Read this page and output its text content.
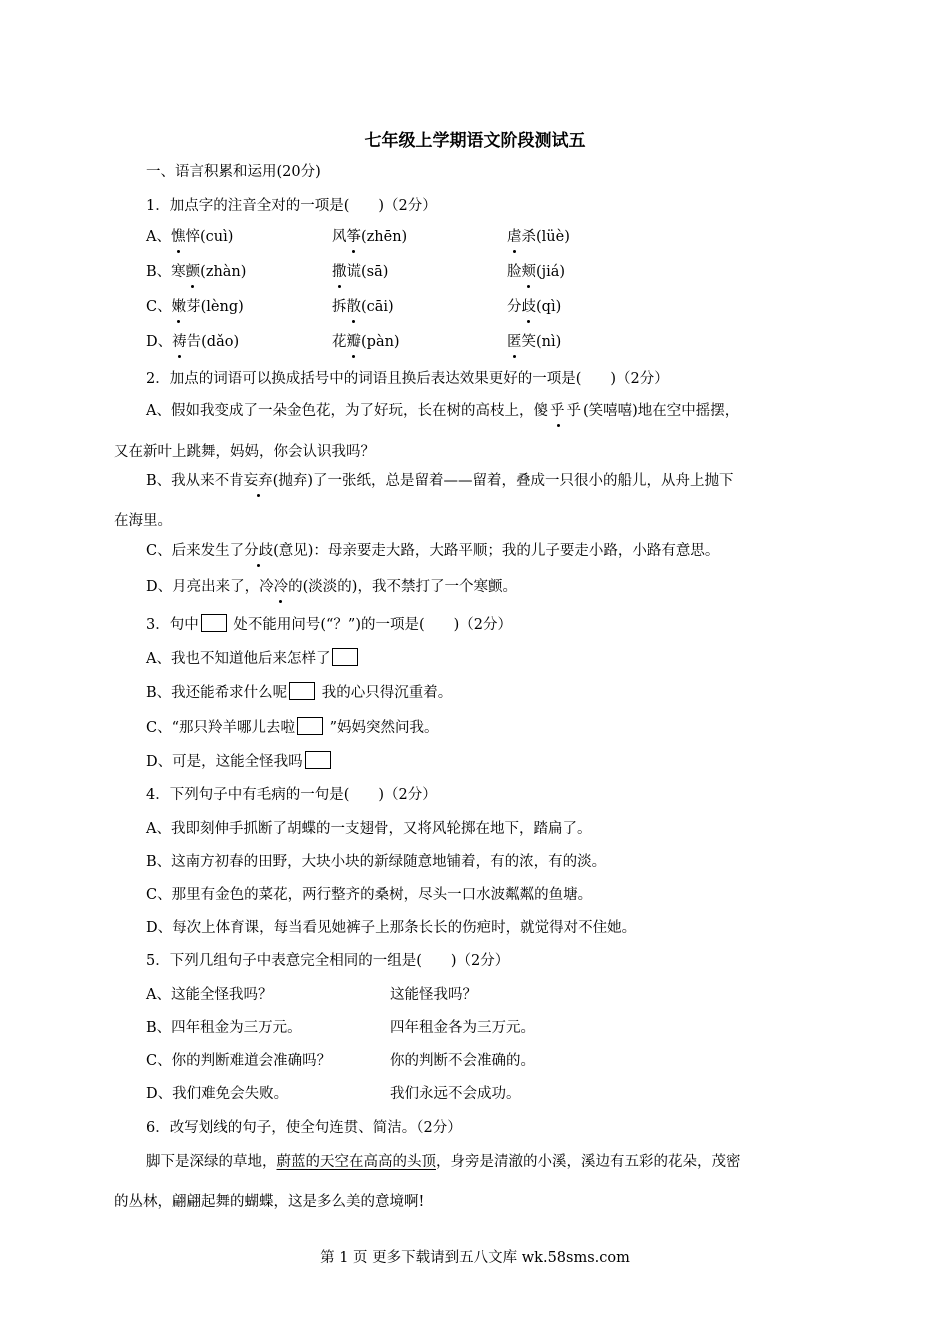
七年级上学期语文阶段测试五
一、语言积累和运用(20分)
1．加点字的注音全对的一项是(　　)（2分）
A、憔悴(cuì)	风筝(zhēn)	虐杀(lüè)
B、寒颤(zhàn)	撒谎(sā)	脸颊(jiá)
C、嫩芽(lèng)	拆散(cāi)	分歧(qì)
D、祷告(dǎo)	花瓣(pàn)	匿笑(nì)
2．加点的词语可以换成括号中的词语且换后表达效果更好的一项是(　　)（2分）
A、假如我变成了一朵金色花，为了好玩，长在树的高枝上，傻乎乎(笑嘻嘻)地在空中摇摆，
又在新叶上跳舞，妈妈，你会认识我吗？
B、我从来不肯妄弃(抛弃)了一张纸，总是留着——留着，叠成一只很小的船儿，从舟上抛下
在海里。
C、后来发生了分歧(意见)：母亲要走大路，大路平顺；我的儿子要走小路，小路有意思。
D、月亮出来了，冷冷的(淡淡的)，我不禁打了一个寒颤。
3．句中 处不能用问号(“？”)的一项是(　　)（2分）
A、我也不知道他后来怎样了
B、我还能希求什么呢 我的心只得沉重着。
C、“那只羚羊哪儿去啦 ”妈妈突然问我。
D、可是，这能全怪我吗
4．下列句子中有毛病的一句是(　　)（2分）
A、我即刻伸手抓断了胡蝶的一支翅骨，又将风轮掷在地下，踏扁了。
B、这南方初春的田野，大块小块的新绿随意地铺着，有的浓，有的淡。
C、那里有金色的菜花，两行整齐的桑树，尽头一口水波粼粼的鱼塘。
D、每次上体育课，每当看见她裤子上那条长长的伤疤时，就觉得对不住她。
5．下列几组句子中表意完全相同的一组是(　　)（2分）
A、这能全怪我吗？	这能怪我吗？
B、四年租金为三万元。	四年租金各为三万元。
C、你的判断难道会准确吗？	你的判断不会准确的。
D、我们难免会失败。	我们永远不会成功。
6．改写划线的句子，使全句连贯、简洁。（2分）
脚下是深绿的草地，蔚蓝的天空在高高的头顶，身旁是清澈的小溪，溪边有五彩的花朵，茂密
的丛林，翩翩起舞的蝴蝶，这是多么美的意境啊!
第 1 页 更多下载请到五八文库 wk.58sms.com
